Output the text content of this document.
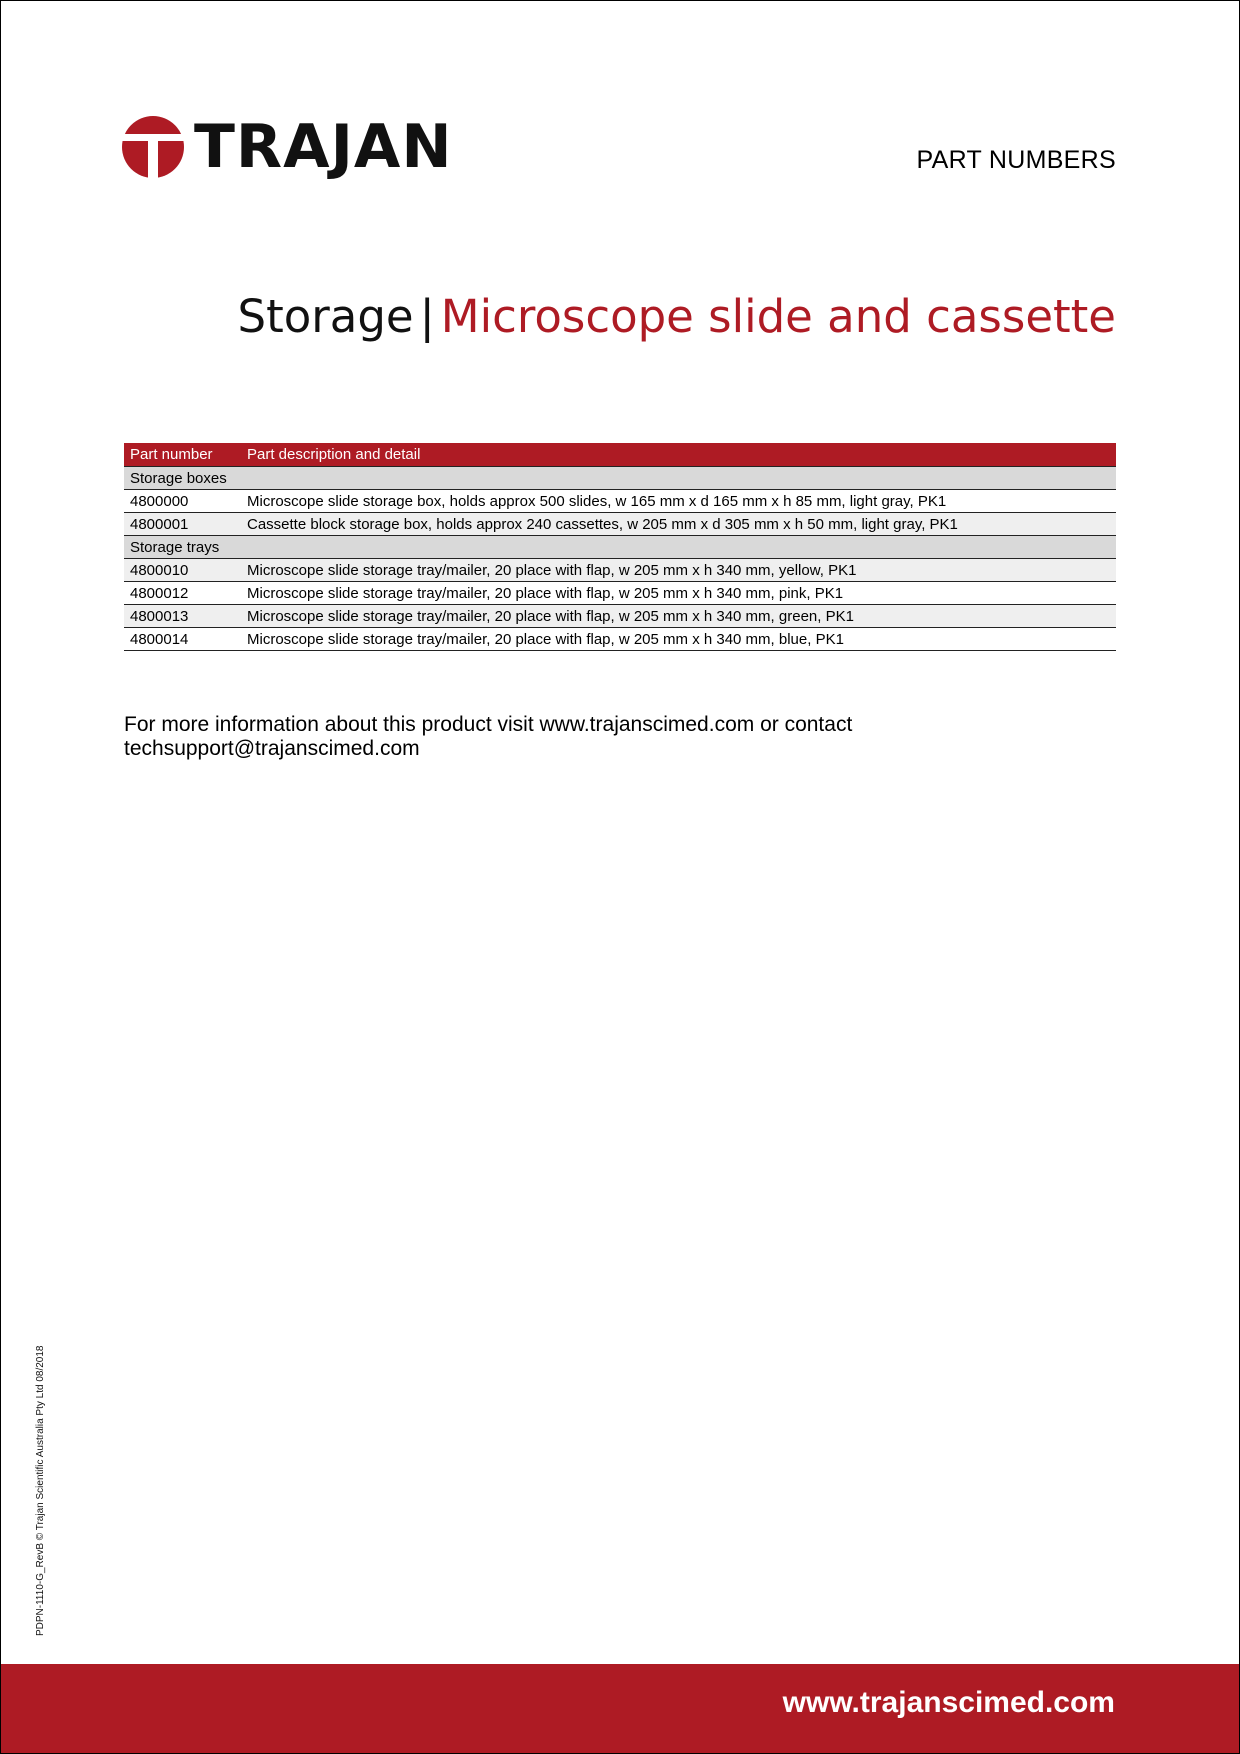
TRAJAN	PART NUMBERS
Storage | Microscope slide and cassette
Part number	Part description and detail
Storage boxes	
4800000	Microscope slide storage box, holds approx 500 slides, w 165 mm x d 165 mm x h 85 mm, light gray, PK1
4800001	Cassette block storage box, holds approx 240 cassettes, w 205 mm x d 305 mm x h 50 mm, light gray, PK1
Storage trays	
4800010	Microscope slide storage tray/mailer, 20 place with flap, w 205 mm x h 340 mm, yellow, PK1
4800012	Microscope slide storage tray/mailer, 20 place with flap, w 205 mm x h 340 mm, pink, PK1
4800013	Microscope slide storage tray/mailer, 20 place with flap, w 205 mm x h 340 mm, green, PK1
4800014	Microscope slide storage tray/mailer, 20 place with flap, w 205 mm x h 340 mm, blue, PK1

For more information about this product visit www.trajanscimed.com or contact

techsupport@trajanscimed.com

PDPN-1110-G_RevB © Trajan Scientific Australia Pty Ltd 08/2018
www.trajanscimed.com
